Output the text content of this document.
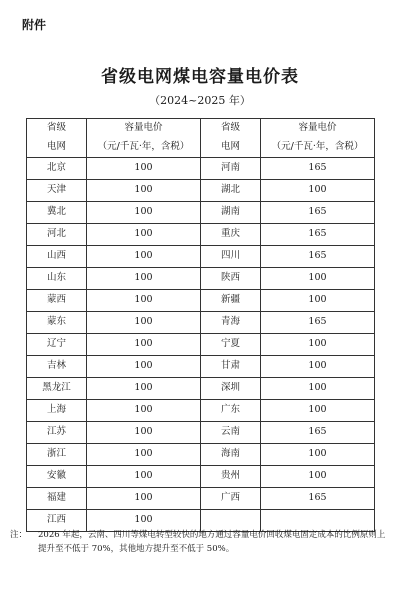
附件
省级电网煤电容量电价表
（2024~2025 年）
省级	容量电价	省级	容量电价
电网	（元/千瓦·年，含税）	电网	（元/千瓦·年，含税）
北京	100	河南	165
天津	100	湖北	100
冀北	100	湖南	165
河北	100	重庆	165
山西	100	四川	165
山东	100	陕西	100
蒙西	100	新疆	100
蒙东	100	青海	165
辽宁	100	宁夏	100
吉林	100	甘肃	100
黑龙江	100	深圳	100
上海	100	广东	100
江苏	100	云南	165
浙江	100	海南	100
安徽	100	贵州	100
福建	100	广西	165
江西	100		
注：	2026 年起，云南、四川等煤电转型较快的地方通过容量电价回收煤电固定成本的比例原则上提升至不低于 70%，其他地方提升至不低于 50%。
